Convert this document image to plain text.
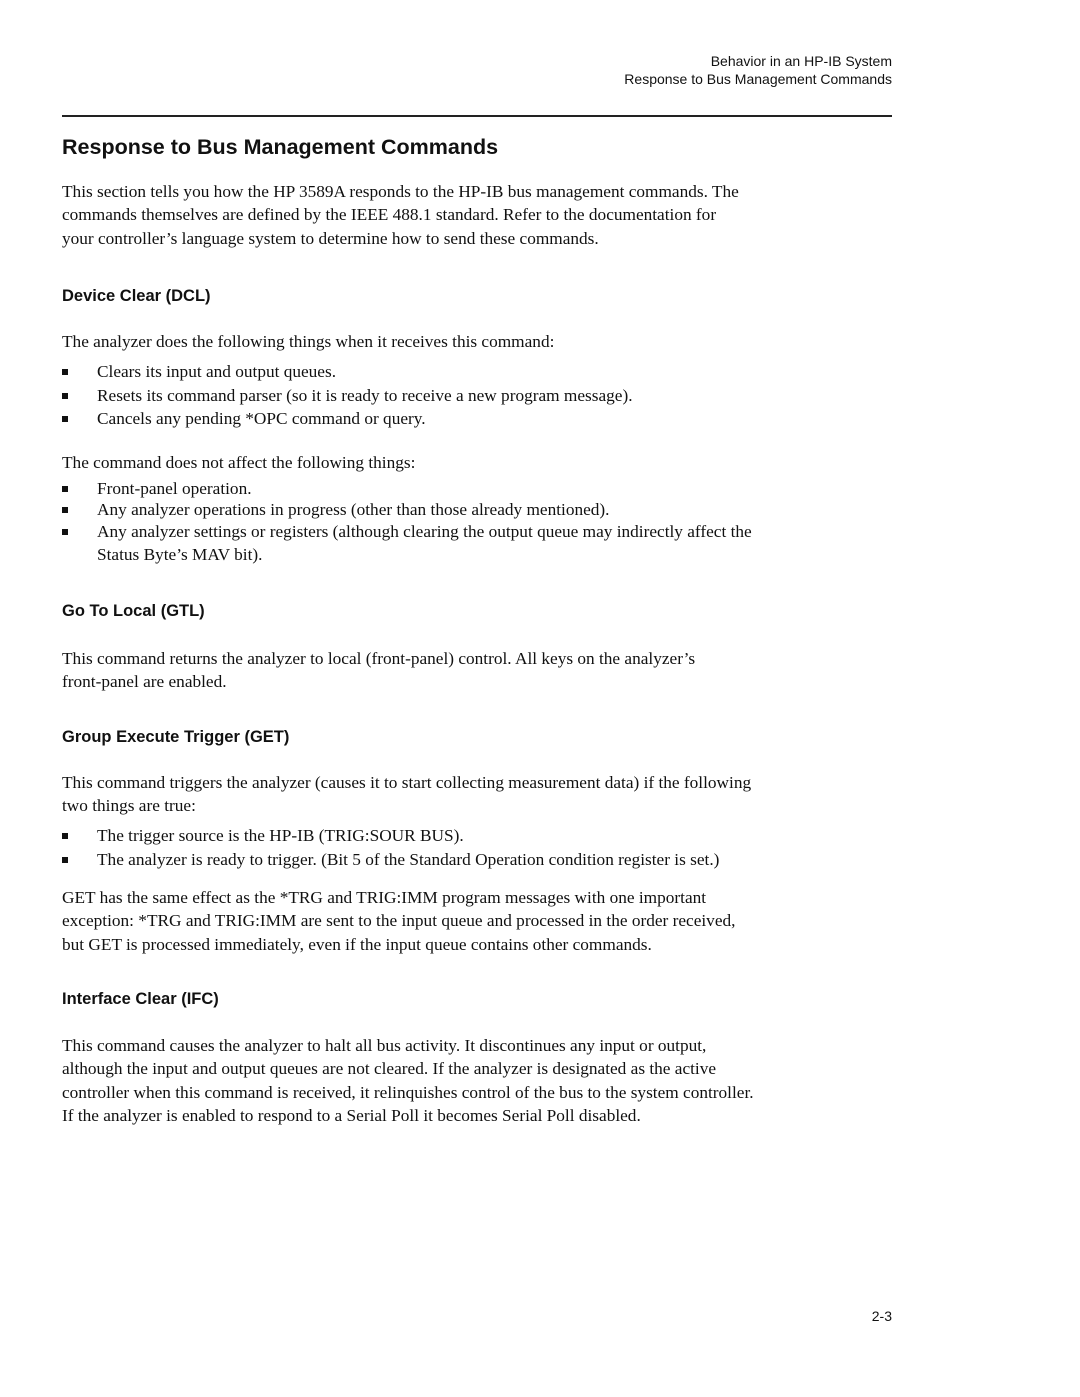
Behavior in an HP-IB System
Response to Bus Management Commands
Response to Bus Management Commands
This section tells you how the HP 3589A responds to the HP-IB bus management commands. The
commands themselves are defined by the IEEE 488.1 standard. Refer to the documentation for
your controller’s language system to determine how to send these commands.
Device Clear (DCL)
The analyzer does the following things when it receives this command:
Clears its input and output queues.
Resets its command parser (so it is ready to receive a new program message).
Cancels any pending *OPC command or query.
The command does not affect the following things:
Front-panel operation.
Any analyzer operations in progress (other than those already mentioned).
Any analyzer settings or registers (although clearing the output queue may indirectly affect the
Status Byte’s MAV bit).
Go To Local (GTL)
This command returns the analyzer to local (front-panel) control. All keys on the analyzer’s
front-panel are enabled.
Group Execute Trigger (GET)
This command triggers the analyzer (causes it to start collecting measurement data) if the following
two things are true:
The trigger source is the HP-IB (TRIG:SOUR BUS).
The analyzer is ready to trigger. (Bit 5 of the Standard Operation condition register is set.)
GET has the same effect as the *TRG and TRIG:IMM program messages with one important
exception: *TRG and TRIG:IMM are sent to the input queue and processed in the order received,
but GET is processed immediately, even if the input queue contains other commands.
Interface Clear (IFC)
This command causes the analyzer to halt all bus activity. It discontinues any input or output,
although the input and output queues are not cleared. If the analyzer is designated as the active
controller when this command is received, it relinquishes control of the bus to the system controller.
If the analyzer is enabled to respond to a Serial Poll it becomes Serial Poll disabled.
2-3
